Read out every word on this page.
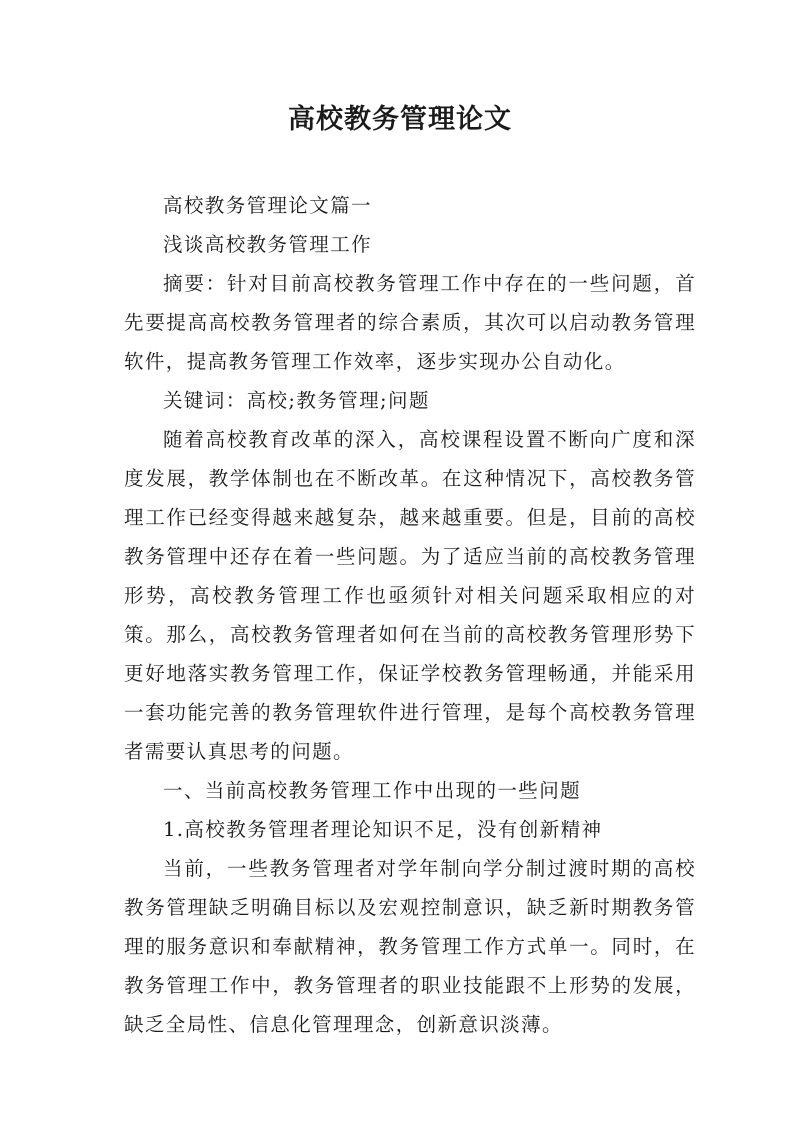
高校教务管理论文

高校教务管理论文篇一

浅谈高校教务管理工作

摘要：针对目前高校教务管理工作中存在的一些问题，首先要提高高校教务管理者的综合素质，其次可以启动教务管理软件，提高教务管理工作效率，逐步实现办公自动化。

关键词：高校;教务管理;问题

随着高校教育改革的深入，高校课程设置不断向广度和深度发展，教学体制也在不断改革。在这种情况下，高校教务管理工作已经变得越来越复杂，越来越重要。但是，目前的高校教务管理中还存在着一些问题。为了适应当前的高校教务管理形势，高校教务管理工作也亟须针对相关问题采取相应的对策。那么，高校教务管理者如何在当前的高校教务管理形势下更好地落实教务管理工作，保证学校教务管理畅通，并能采用一套功能完善的教务管理软件进行管理，是每个高校教务管理者需要认真思考的问题。

一、当前高校教务管理工作中出现的一些问题

1.高校教务管理者理论知识不足，没有创新精神

当前，一些教务管理者对学年制向学分制过渡时期的高校教务管理缺乏明确目标以及宏观控制意识，缺乏新时期教务管理的服务意识和奉献精神，教务管理工作方式单一。同时，在教务管理工作中，教务管理者的职业技能跟不上形势的发展，缺乏全局性、信息化管理理念，创新意识淡薄。
